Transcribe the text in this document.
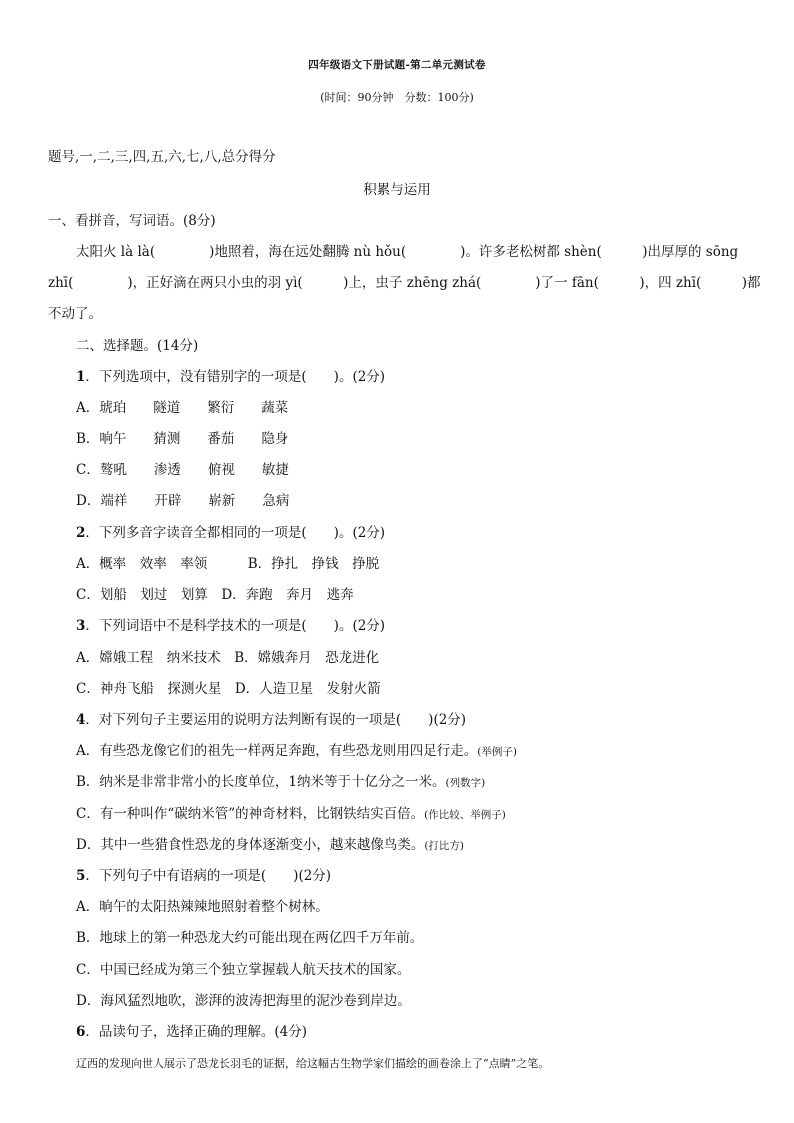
四年级语文下册试题-第二单元测试卷
(时间：90分钟　分数：100分)
题号,一,二,三,四,五,六,七,八,总分得分
积累与运用
一、看拼音，写词语。(8分)
太阳火 là là(　　　　)地照着，海在远处翻腾 nù hǒu(　　　　)。许多老松树都 shèn(　　　)出厚厚的 sōng
zhī(　　　　)，正好滴在两只小虫的羽 yì(　　　)上，虫子 zhēng zhá(　　　　)了一 fān(　　　)，四 zhī(　　　)都
不动了。
二、选择题。(14分)
1．下列选项中，没有错别字的一项是(　　)。(2分)
A．琥珀　　隧道　　繁衍　　蔬菜
B．响午　　猜测　　番茄　　隐身
C．骜吼　　渗透　　俯视　　敏捷
D．端祥　　开辟　　崭新　　急病
2．下列多音字读音全都相同的一项是(　　)。(2分)
A．概率　效率　率领　　　B．挣扎　挣钱　挣脱
C．划船　划过　划算　D．奔跑　奔月　逃奔
3．下列词语中不是科学技术的一项是(　　)。(2分)
A．嫦娥工程　纳米技术　B．嫦娥奔月　恐龙进化
C．神舟飞船　探测火星　D．人造卫星　发射火箭
4．对下列句子主要运用的说明方法判断有误的一项是(　　)(2分)
A．有些恐龙像它们的祖先一样两足奔跑，有些恐龙则用四足行走。(举例子)
B．纳米是非常非常小的长度单位，1纳米等于十亿分之一米。(列数字)
C．有一种叫作“碳纳米管”的神奇材料，比钢铁结实百倍。(作比较、举例子)
D．其中一些猎食性恐龙的身体逐渐变小，越来越像鸟类。(打比方)
5．下列句子中有语病的一项是(　　)(2分)
A．晌午的太阳热辣辣地照射着整个树林。
B．地球上的第一种恐龙大约可能出现在两亿四千万年前。
C．中国已经成为第三个独立掌握载人航天技术的国家。
D．海风猛烈地吹，澎湃的波涛把海里的泥沙卷到岸边。
6．品读句子，选择正确的理解。(4分)
辽西的发现向世人展示了恐龙长羽毛的证据，给这幅古生物学家们描绘的画卷涂上了“点睛”之笔。
